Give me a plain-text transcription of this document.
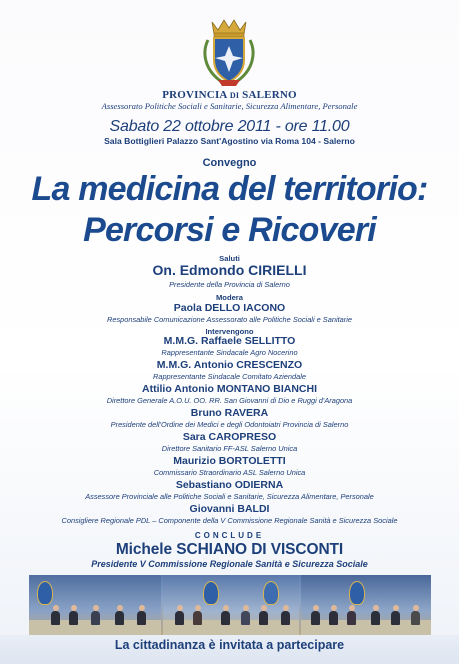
PROVINCIA DI SALERNO
Assessorato Politiche Sociali e Sanitarie, Sicurezza Alimentare, Personale
Sabato 22 ottobre 2011 - ore 11.00
Sala Bottiglieri Palazzo Sant'Agostino via Roma 104 - Salerno
Convegno
La medicina del territorio:
Percorsi e Ricoveri
Saluti
On. Edmondo CIRIELLI
Presidente della Provincia di Salerno
Modera
Paola DELLO IACONO
Responsabile Comunicazione Assessorato alle Politiche Sociali e Sanitarie
Intervengono
M.M.G. Raffaele SELLITTO
Rappresentante Sindacale Agro Nocerino
M.M.G. Antonio CRESCENZO
Rappresentante Sindacale Comitato Aziendale
Attilio Antonio MONTANO BIANCHI
Direttore Generale A.O.U. OO. RR. San Giovanni di Dio e Ruggi d'Aragona
Bruno RAVERA
Presidente dell'Ordine dei Medici e degli Odontoiatri Provincia di Salerno
Sara CAROPRESO
Direttore Sanitario FF-ASL Salerno Unica
Maurizio BORTOLETTI
Commissario Straordinario ASL Salerno Unica
Sebastiano ODIERNA
Assessore Provinciale alle Politiche Sociali e Sanitarie, Sicurezza Alimentare, Personale
Giovanni BALDI
Consigliere Regionale PDL – Componente della V Commissione Regionale Sanità e Sicurezza Sociale
CONCLUDE
Michele SCHIANO DI VISCONTI
Presidente V Commissione Regionale Sanità e Sicurezza Sociale
La cittadinanza è invitata a partecipare
